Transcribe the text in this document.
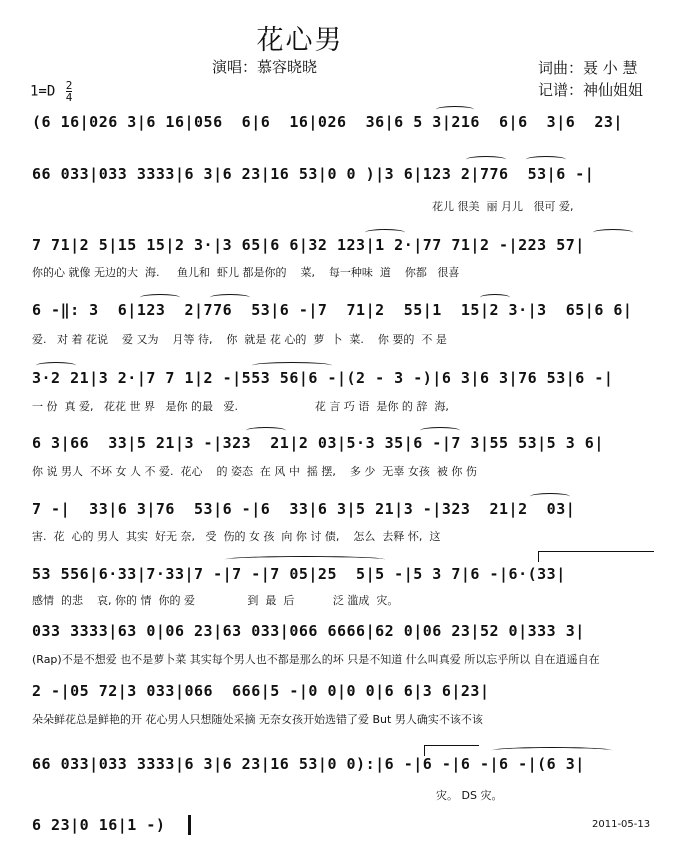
花心男
演唱：慕容晓晓	词曲：聂 小 慧
记谱：神仙姐姐
$1=D \frac{2}{4}$
(6 16|026 3|6 16|056  6|6  16|026  36|6 5 3|216  6|6  3|6  23|
66 033|033 3333|6 3|6 23|16 53|0 0 )|3 6|123 2|776  53|6 -|
花儿 很美  丽 月儿   很可 爱,
7 71|2 5|15 15|2 3·|3 65|6 6|32 123|1 2·|77 71|2 -|223 57|
你的心 就像 无边的大  海.     鱼儿和  虾儿 都是你的    菜,    每一种味  道    你都   很喜
6 -‖: 3  6|123  2|776  53|6 -|7  71|2  55|1  15|2 3·|3  65|6 6|
爱.   对 着 花说    爱 又为    月等 待,    你  就是 花 心的  萝  卜  菜.    你 要的  不 是
3·2 21|3 2·|7 7 1|2 -|553 56|6 -|(2 - 3 -)|6 3|6 3|76 53|6 -|
一 份  真 爱,   花花 世 界   是你 的最   爱.                      花 言 巧 语  是你 的 辞  海,
6 3|66  33|5 21|3 -|323  21|2 03|5·3 35|6 -|7 3|55 53|5 3 6|
你 说 男人  不坏 女 人 不 爱.  花心    的 姿态  在 风 中  摇 摆,    多 少  无辜 女孩  被 你 伤
7 -|  33|6 3|76  53|6 -|6  33|6 3|5 21|3 -|323  21|2  03|
害.  花  心的 男人  其实  好无 奈,   受  伤的 女 孩  向 你 讨 债,    怎么  去释 怀,  这
53 556|6·33|7·33|7 -|7 -|7 05|25  5|5 -|5 3 7|6 -|6·(33|
感情  的悲    哀, 你的 情  你的 爱               到  最  后           泛 滥成  灾。
033 3333|63 0|06 23|63 033|066 6666|62 0|06 23|52 0|333 3|
(Rap)不是不想爱 也不是萝卜菜 其实每个男人也不都是那么的坏 只是不知道 什么叫真爱 所以忘乎所以 自在逍遥自在
2 -|05 72|3 033|066  666|5 -|0 0|0 0|6 6|3 6|23|
朵朵鲜花总是鲜艳的开 花心男人只想随处采摘 无奈女孩开始选错了爱 But 男人确实不该不该
66 033|033 3333|6 3|6 23|16 53|0 0):|6 -|6 -|6 -|6 -|(6 3|
灾。 DS 灾。
6 23|0 16|1 -)	2011-05-13
